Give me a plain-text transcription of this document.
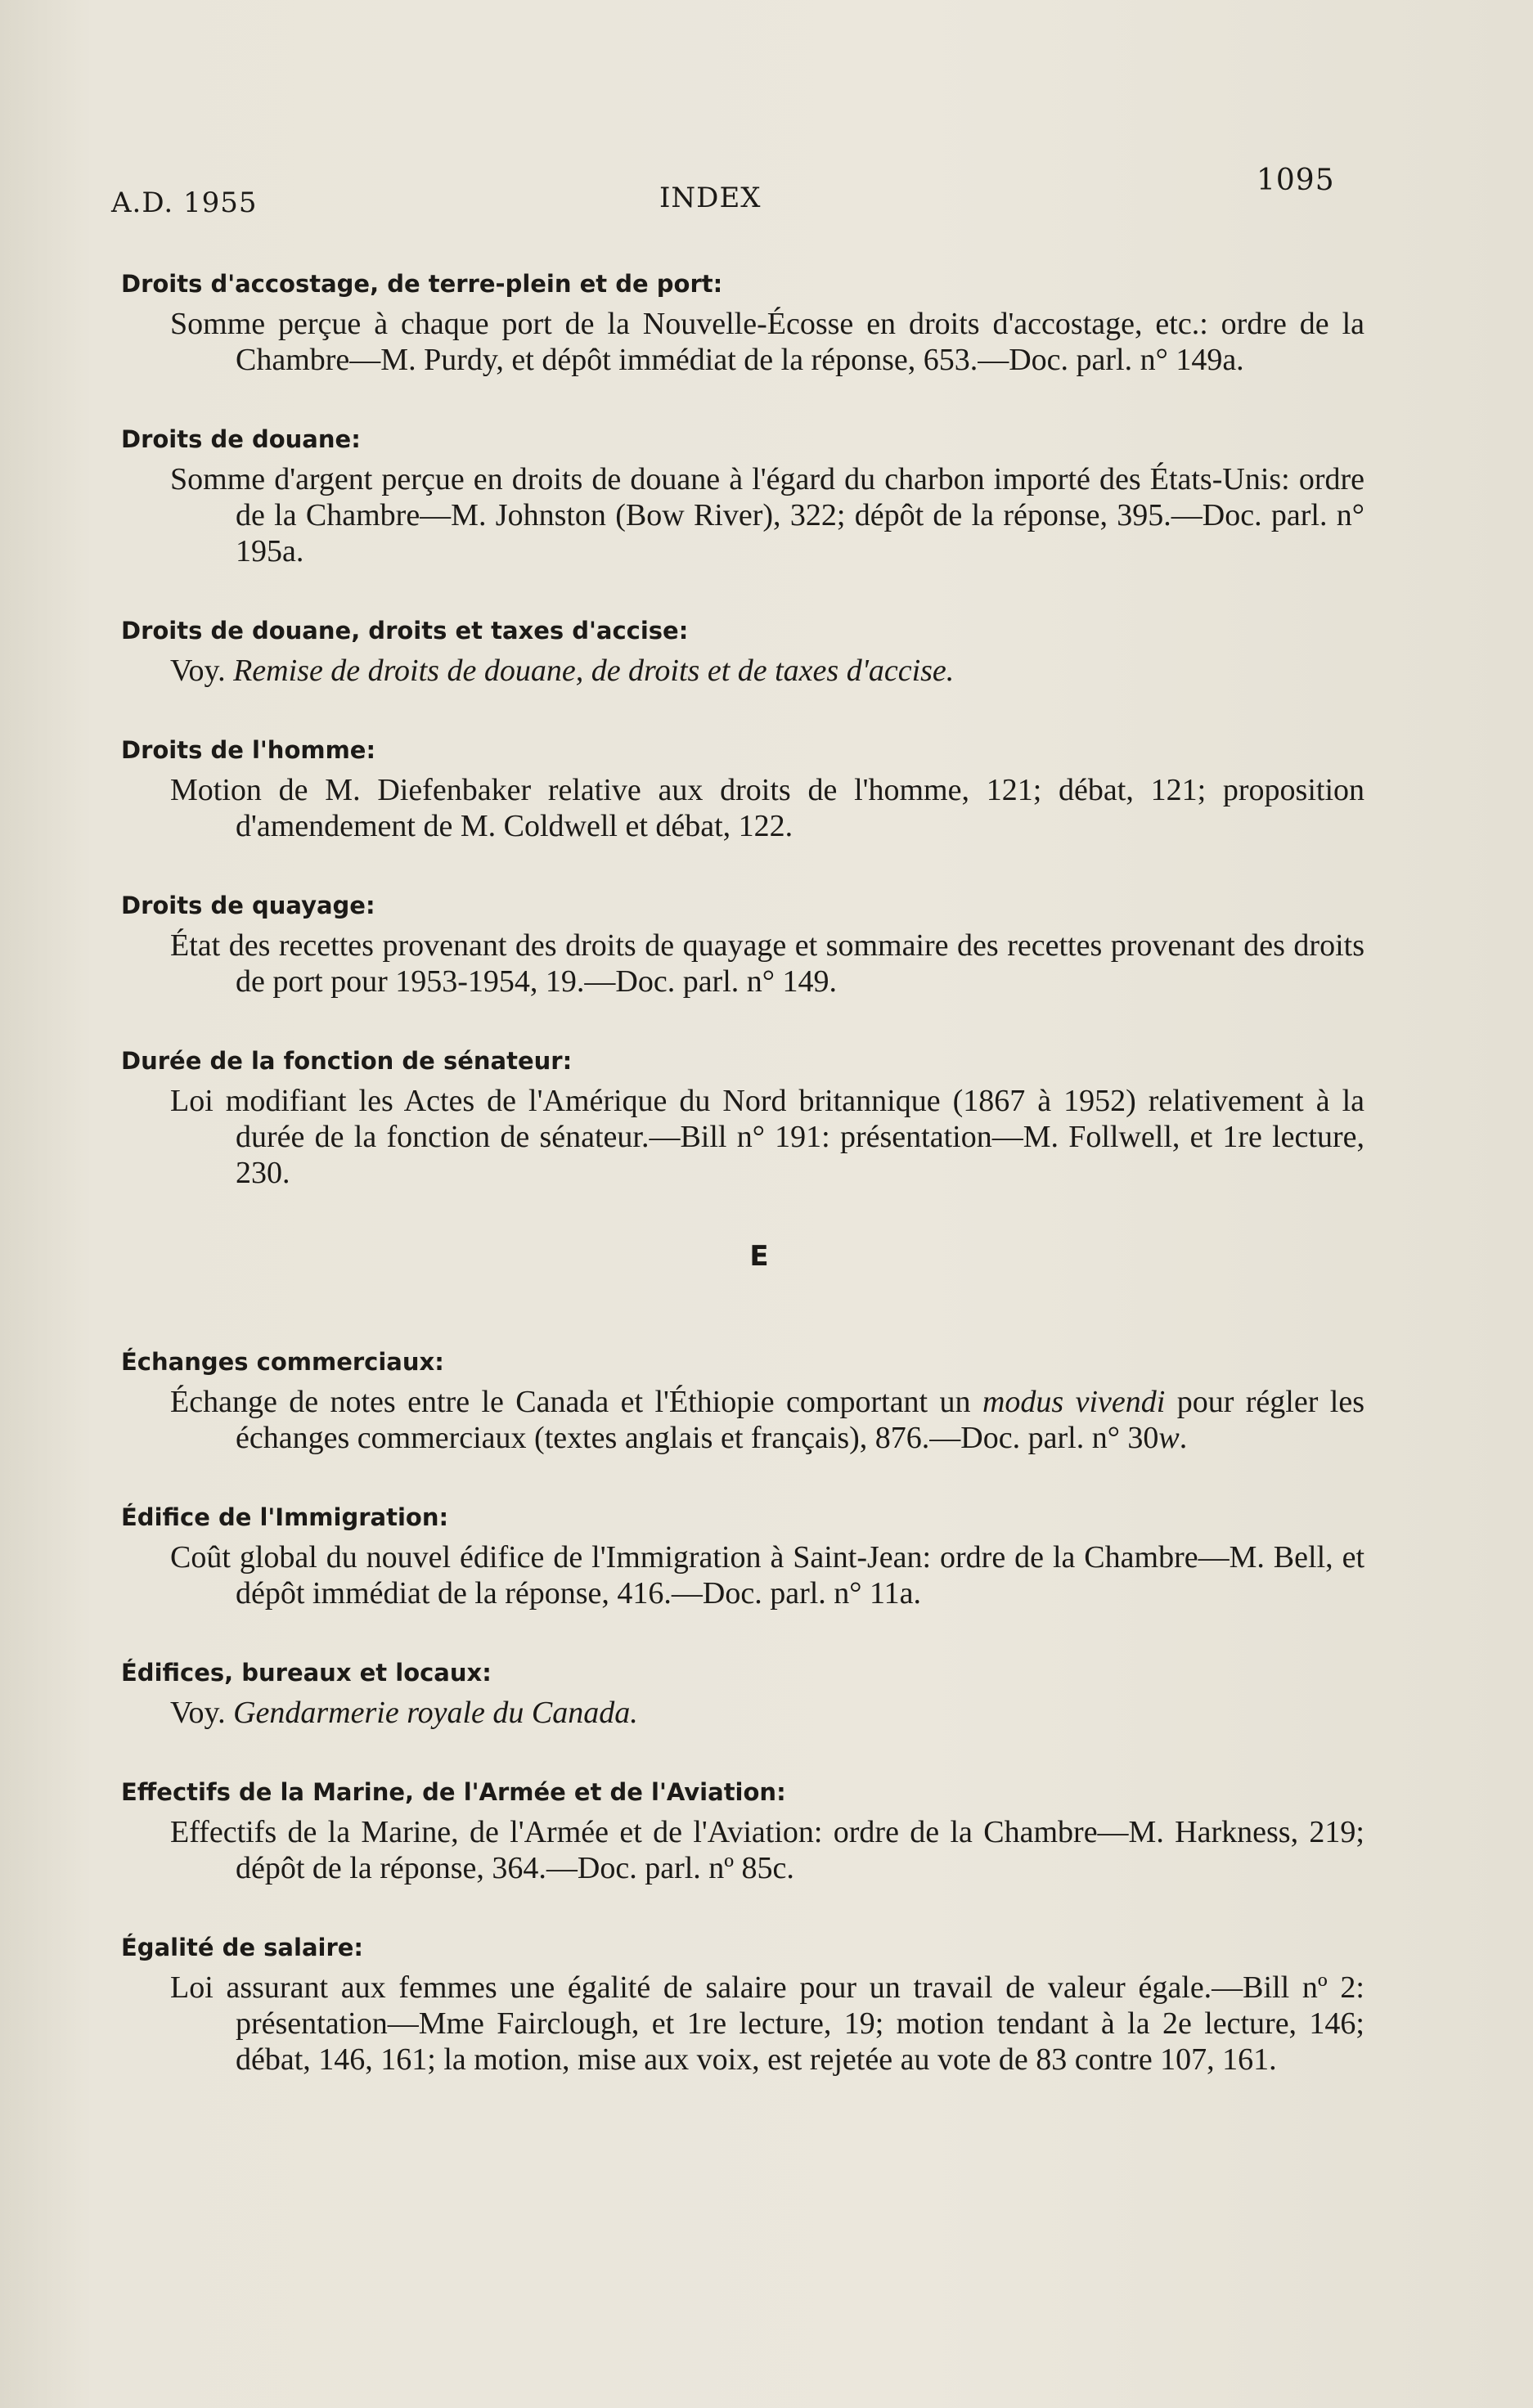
A.D. 1955	INDEX
1095
Droits d'accostage, de terre-plein et de port:
Somme perçue à chaque port de la Nouvelle-Écosse en droits d'accostage, etc.: ordre de la Chambre—M. Purdy, et dépôt immédiat de la réponse, 653.—Doc. parl. n° 149a.
Droits de douane:
Somme d'argent perçue en droits de douane à l'égard du charbon importé des États-Unis: ordre de la Chambre—M. Johnston (Bow River), 322; dépôt de la réponse, 395.—Doc. parl. n° 195a.
Droits de douane, droits et taxes d'accise:
Voy. Remise de droits de douane, de droits et de taxes d'accise.
Droits de l'homme:
Motion de M. Diefenbaker relative aux droits de l'homme, 121; débat, 121; proposition d'amendement de M. Coldwell et débat, 122.
Droits de quayage:
État des recettes provenant des droits de quayage et sommaire des recettes provenant des droits de port pour 1953-1954, 19.—Doc. parl. n° 149.
Durée de la fonction de sénateur:
Loi modifiant les Actes de l'Amérique du Nord britannique (1867 à 1952) relativement à la durée de la fonction de sénateur.—Bill n° 191: présentation—M. Follwell, et 1re lecture, 230.
E
Échanges commerciaux:
Échange de notes entre le Canada et l'Éthiopie comportant un modus vivendi pour régler les échanges commerciaux (textes anglais et français), 876.—Doc. parl. n° 30w.
Édifice de l'Immigration:
Coût global du nouvel édifice de l'Immigration à Saint-Jean: ordre de la Chambre—M. Bell, et dépôt immédiat de la réponse, 416.—Doc. parl. n° 11a.
Édifices, bureaux et locaux:
Voy. Gendarmerie royale du Canada.
Effectifs de la Marine, de l'Armée et de l'Aviation:
Effectifs de la Marine, de l'Armée et de l'Aviation: ordre de la Chambre—M. Harkness, 219; dépôt de la réponse, 364.—Doc. parl. nº 85c.
Égalité de salaire:
Loi assurant aux femmes une égalité de salaire pour un travail de valeur égale.—Bill nº 2: présentation—Mme Fairclough, et 1re lecture, 19; motion tendant à la 2e lecture, 146; débat, 146, 161; la motion, mise aux voix, est rejetée au vote de 83 contre 107, 161.
